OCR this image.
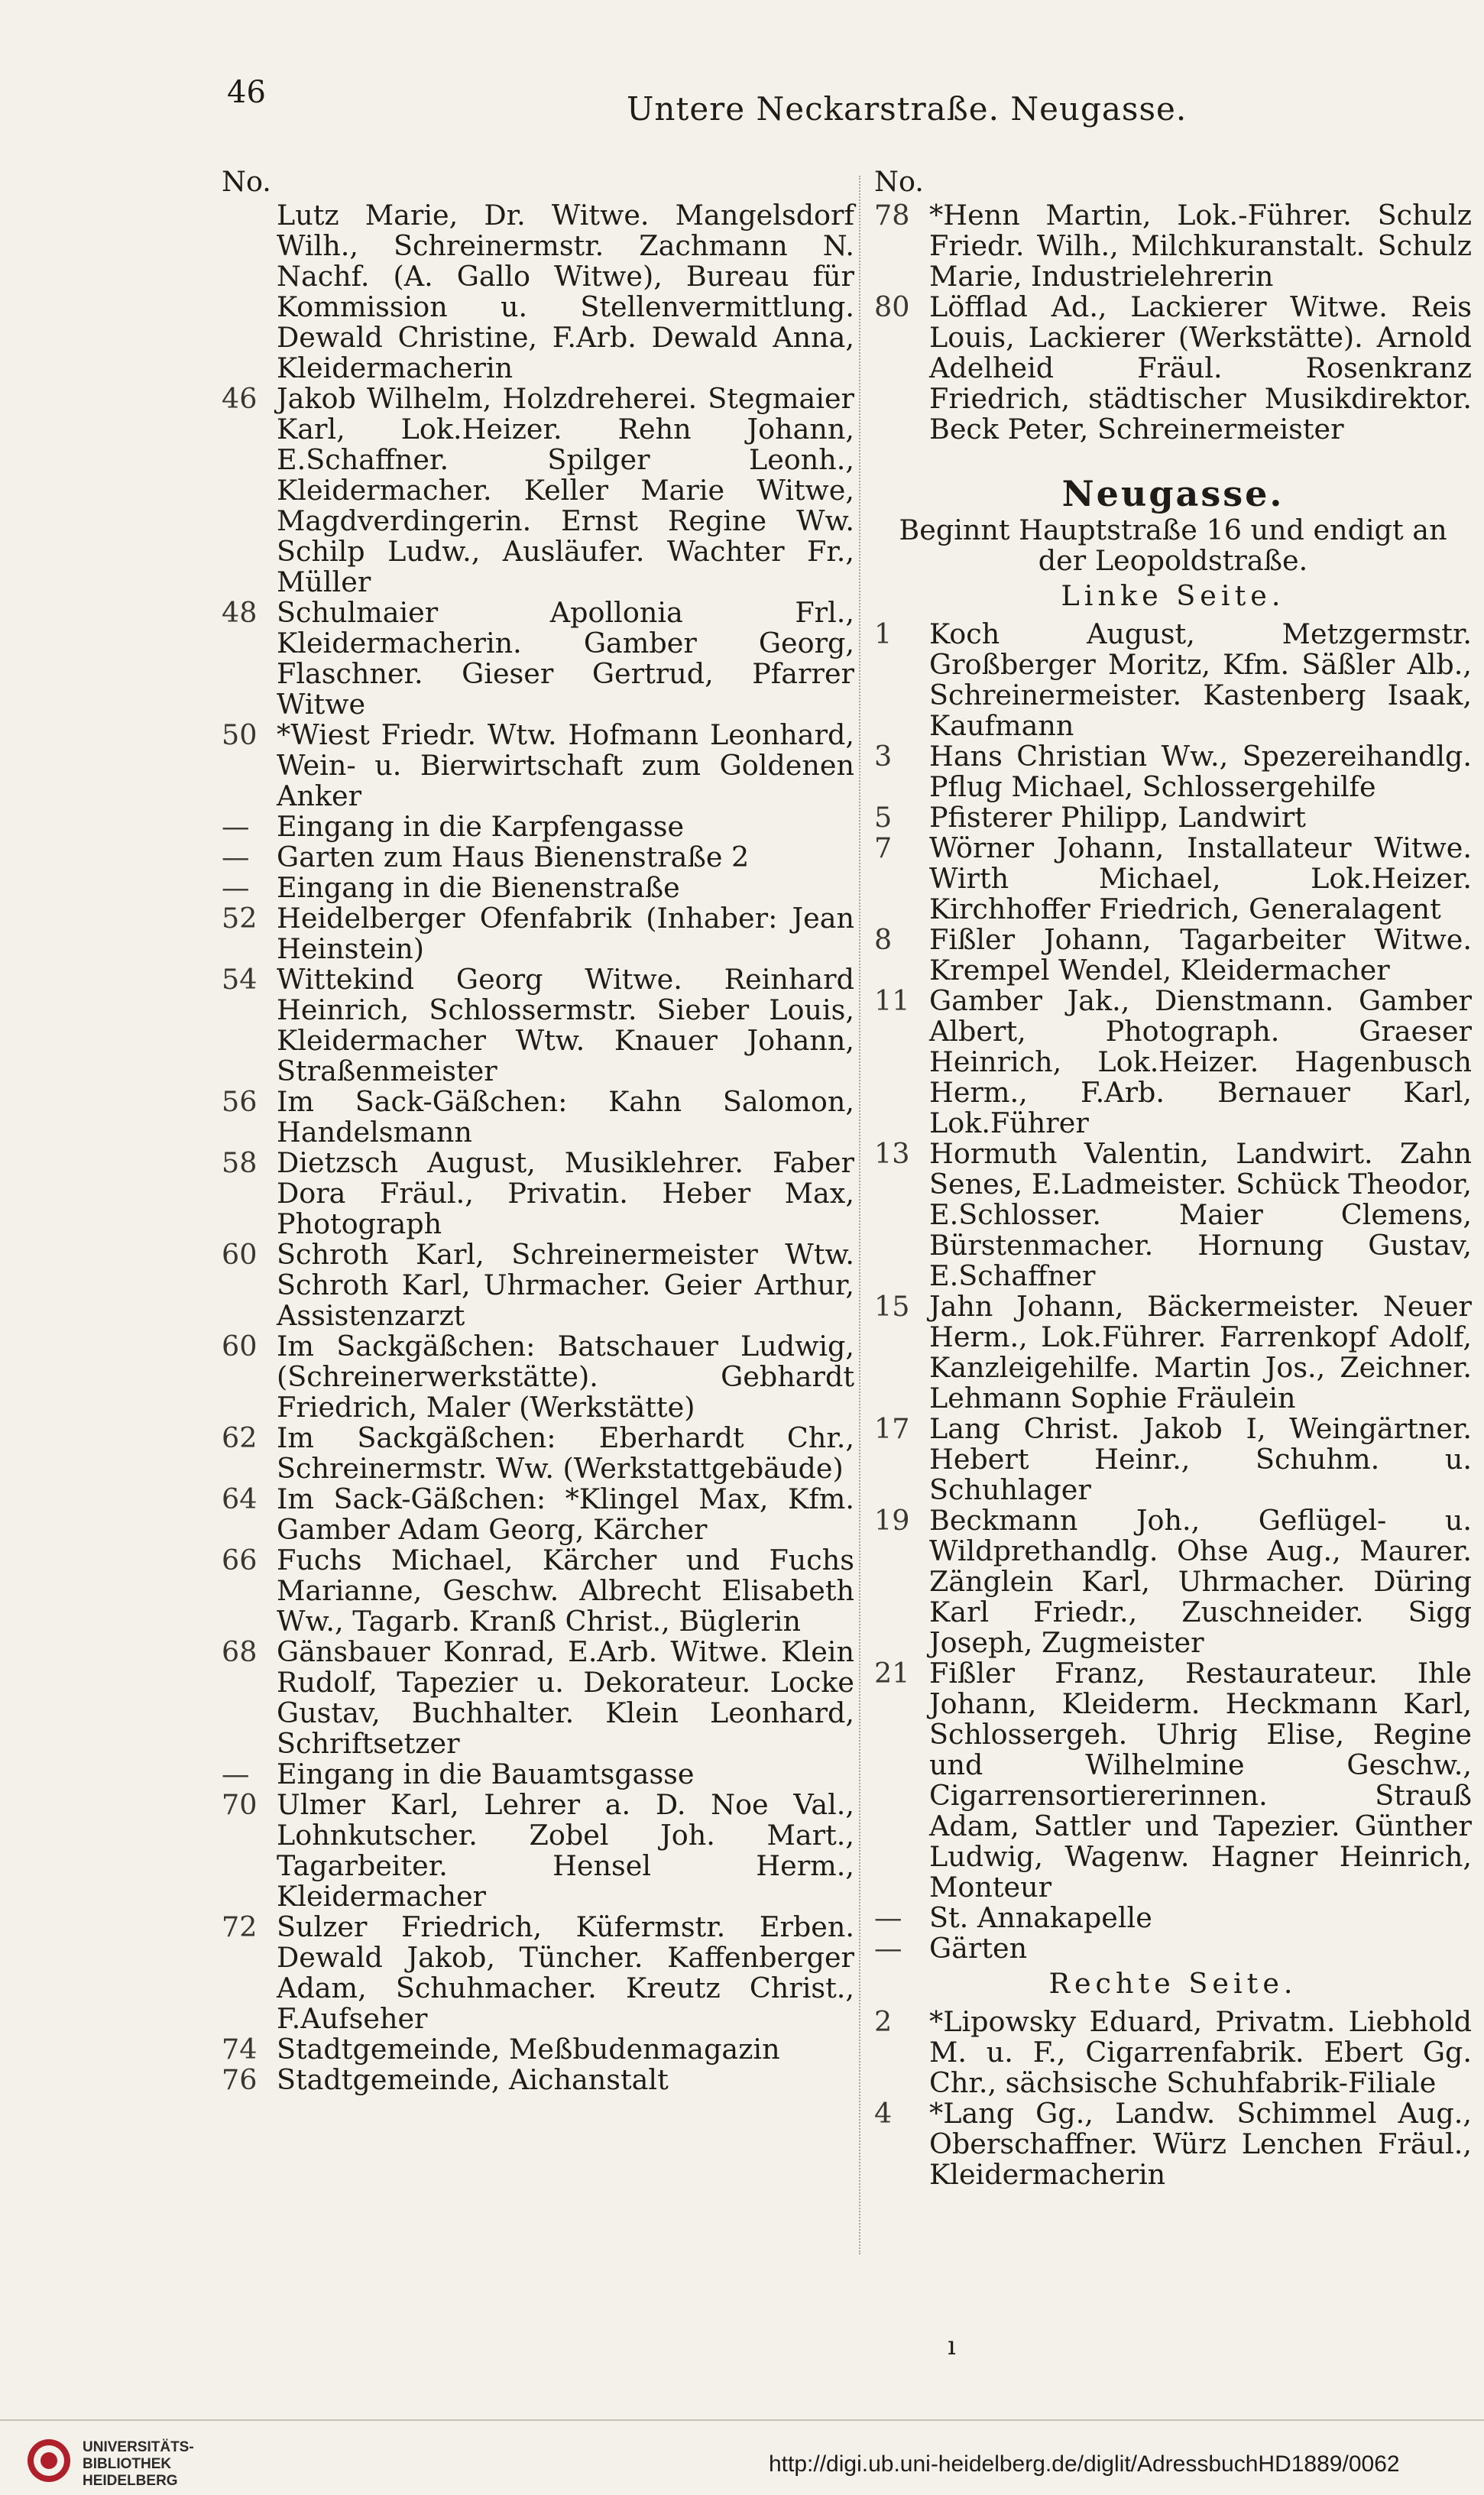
46	Untere Neckarstraße. Neugasse.
No.
Lutz Marie, Dr. Witwe. Mangelsdorf Wilh., Schreinermstr. Zachmann N. Nachf. (A. Gallo Witwe), Bureau für Kommission u. Stellenvermittlung. Dewald Christine, F.Arb. Dewald Anna, Kleidermacherin
46 Jakob Wilhelm, Holzdreherei. Stegmaier Karl, Lok.Heizer. Rehn Johann, E.Schaffner. Spilger Leonh., Kleidermacher. Keller Marie Witwe, Magdverdingerin. Ernst Regine Ww. Schilp Ludw., Ausläufer. Wachter Fr., Müller
48 Schulmaier Apollonia Frl., Kleidermacherin. Gamber Georg, Flaschner. Gieser Gertrud, Pfarrer Witwe
50 *Wiest Friedr. Wtw. Hofmann Leonhard, Wein- u. Bierwirtschaft zum Goldenen Anker
— Eingang in die Karpfengasse
— Garten zum Haus Bienenstraße 2
— Eingang in die Bienenstraße
52 Heidelberger Ofenfabrik (Inhaber: Jean Heinstein)
54 Wittekind Georg Witwe. Reinhard Heinrich, Schlossermstr. Sieber Louis, Kleidermacher Wtw. Knauer Johann, Straßenmeister
56 Im Sack-Gäßchen: Kahn Salomon, Handelsmann
58 Dietzsch August, Musiklehrer. Faber Dora Fräul., Privatin. Heber Max, Photograph
60 Schroth Karl, Schreinermeister Wtw. Schroth Karl, Uhrmacher. Geier Arthur, Assistenzarzt
60 Im Sackgäßchen: Batschauer Ludwig, (Schreinerwerkstätte). Gebhardt Friedrich, Maler (Werkstätte)
62 Im Sackgäßchen: Eberhardt Chr., Schreinermstr. Ww. (Werkstattgebäude)
64 Im Sack-Gäßchen: *Klingel Max, Kfm. Gamber Adam Georg, Kärcher
66 Fuchs Michael, Kärcher und Fuchs Marianne, Geschw. Albrecht Elisabeth Ww., Tagarb. Kranß Christ., Büglerin
68 Gänsbauer Konrad, E.Arb. Witwe. Klein Rudolf, Tapezier u. Dekorateur. Locke Gustav, Buchhalter. Klein Leonhard, Schriftsetzer
— Eingang in die Bauamtsgasse
70 Ulmer Karl, Lehrer a. D. Noe Val., Lohnkutscher. Zobel Joh. Mart., Tagarbeiter. Hensel Herm., Kleidermacher
72 Sulzer Friedrich, Küfermstr. Erben. Dewald Jakob, Tüncher. Kaffenberger Adam, Schuhmacher. Kreutz Christ., F.Aufseher
74 Stadtgemeinde, Meßbudenmagazin
76 Stadtgemeinde, Aichanstalt
No.
78 *Henn Martin, Lok.-Führer. Schulz Friedr. Wilh., Milchkuranstalt. Schulz Marie, Industrielehrerin
80 Löfflad Ad., Lackierer Witwe. Reis Louis, Lackierer (Werkstätte). Arnold Adelheid Fräul. Rosenkranz Friedrich, städtischer Musikdirektor. Beck Peter, Schreinermeister
Neugasse.
Beginnt Hauptstraße 16 und endigt an der Leopoldstraße.
Linke Seite.
1	Koch August, Metzgermstr. Großberger Moritz, Kfm. Säßler Alb., Schreinermeister. Kastenberg Isaak, Kaufmann
3	Hans Christian Ww., Spezereihandlg. Pflug Michael, Schlossergehilfe
5	Pfisterer Philipp, Landwirt
7	Wörner Johann, Installateur Witwe. Wirth Michael, Lok.Heizer. Kirchhoffer Friedrich, Generalagent
8	Fißler Johann, Tagarbeiter Witwe. Krempel Wendel, Kleidermacher
11 Gamber Jak., Dienstmann. Gamber Albert, Photograph. Graeser Heinrich, Lok.Heizer. Hagenbusch Herm., F.Arb. Bernauer Karl, Lok.Führer
13 Hormuth Valentin, Landwirt. Zahn Senes, E.Ladmeister. Schück Theodor, E.Schlosser. Maier Clemens, Bürstenmacher. Hornung Gustav, E.Schaffner
15 Jahn Johann, Bäckermeister. Neuer Herm., Lok.Führer. Farrenkopf Adolf, Kanzleigehilfe. Martin Jos., Zeichner. Lehmann Sophie Fräulein
17 Lang Christ. Jakob I, Weingärtner. Hebert Heinr., Schuhm. u. Schuhlager
19 Beckmann Joh., Geflügel- u. Wildprethandlg. Ohse Aug., Maurer. Zänglein Karl, Uhrmacher. Düring Karl Friedr., Zuschneider. Sigg Joseph, Zugmeister
21 Fißler Franz, Restaurateur. Ihle Johann, Kleiderm. Heckmann Karl, Schlossergeh. Uhrig Elise, Regine und Wilhelmine Geschw., Cigarrensortiererinnen. Strauß Adam, Sattler und Tapezier. Günther Ludwig, Wagenw. Hagner Heinrich, Monteur
— St. Annakapelle
— Gärten
Rechte Seite.
2	*Lipowsky Eduard, Privatm. Liebhold M. u. F., Cigarrenfabrik. Ebert Gg. Chr., sächsische Schuhfabrik-Filiale
4	*Lang Gg., Landw. Schimmel Aug., Oberschaffner. Würz Lenchen Fräul., Kleidermacherin
ı
UNIVERSITÄTS- BIBLIOTHEK HEIDELBERG
http://digi.ub.uni-heidelberg.de/diglit/AdressbuchHD1889/0062
